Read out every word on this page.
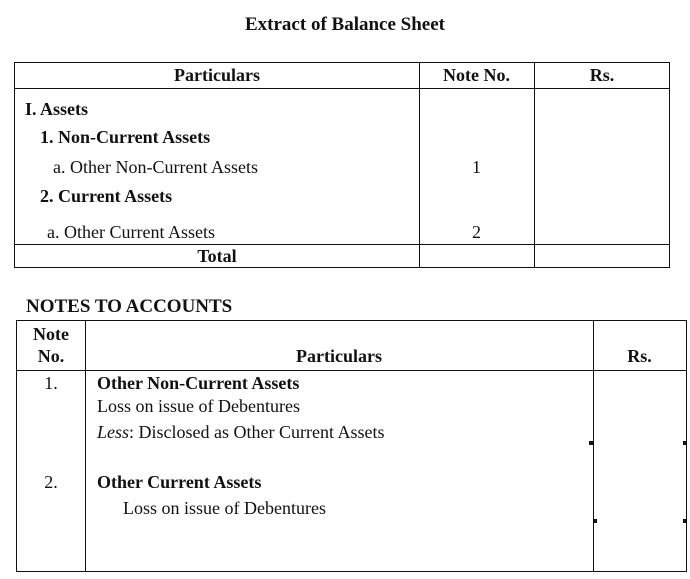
Extract of Balance Sheet
Particulars	Note No.	Rs.
I. Assets
1. Non-Current Assets
a. Other Non-Current Assets	1
2. Current Assets
a. Other Current Assets	2
Total
NOTES TO ACCOUNTS
Note
No.	Particulars	Rs.
1.	Other Non-Current Assets
Loss on issue of Debentures
Less: Disclosed as Other Current Assets
2.	Other Current Assets
Loss on issue of Debentures
